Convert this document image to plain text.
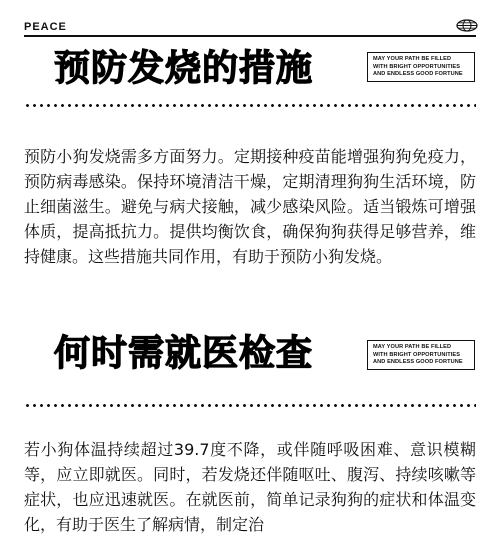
PEACE
预防发烧的措施	MAY YOUR PATH BE FILLED
WITH BRIGHT OPPORTUNITIES
AND ENDLESS GOOD FORTUNE

预防小狗发烧需多方面努力。定期接种疫苗能增强狗狗免疫力，预防病毒感染。保持环境清洁干燥，定期清理狗狗生活环境，防止细菌滋生。避免与病犬接触，减少感染风险。适当锻炼可增强体质，提高抵抗力。提供均衡饮食，确保狗狗获得足够营养，维持健康。这些措施共同作用，有助于预防小狗发烧。

何时需就医检查	MAY YOUR PATH BE FILLED
WITH BRIGHT OPPORTUNITIES
AND ENDLESS GOOD FORTUNE

若小狗体温持续超过39.7度不降，或伴随呼吸困难、意识模糊等，应立即就医。同时，若发烧还伴随呕吐、腹泻、持续咳嗽等症状，也应迅速就医。在就医前，简单记录狗狗的症状和体温变化，有助于医生了解病情，制定治
